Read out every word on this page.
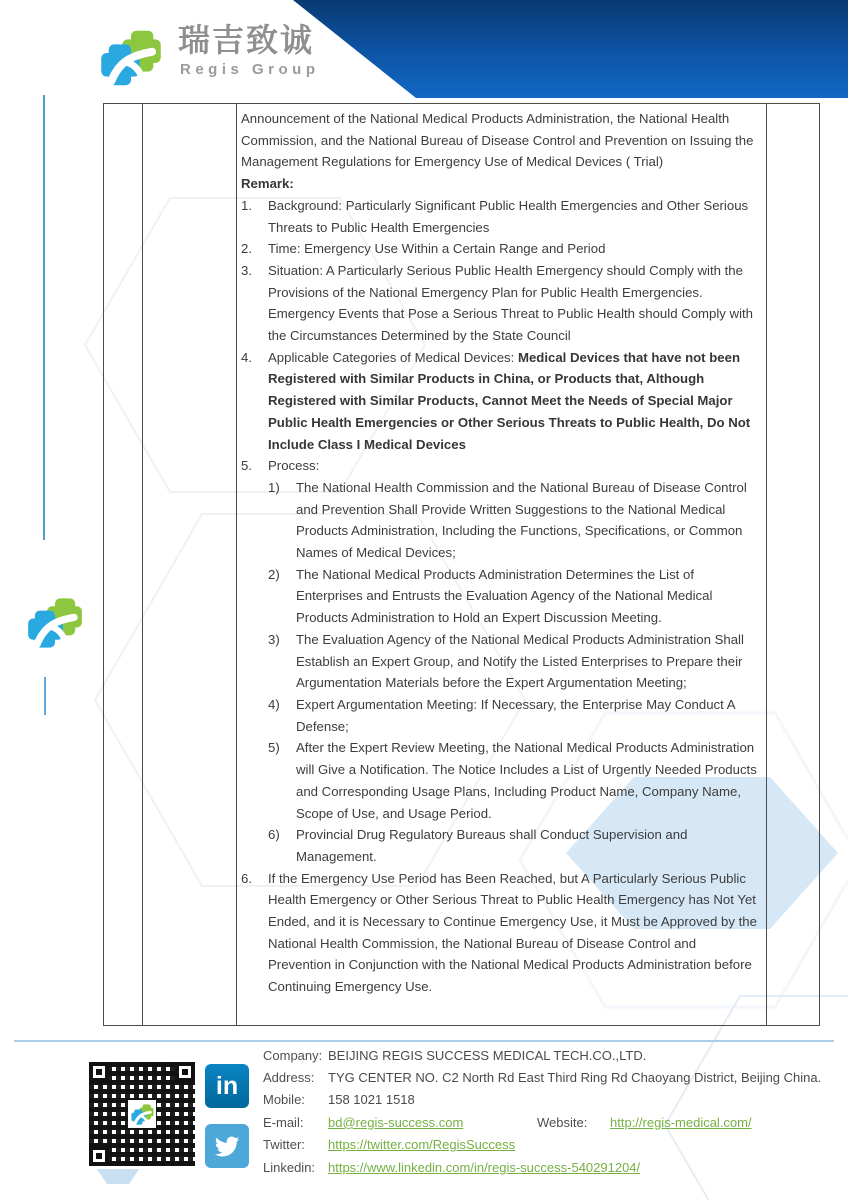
瑞吉致诚
Regis Group

Announcement of the National Medical Products Administration, the National Health Commission, and the National Bureau of Disease Control and Prevention on Issuing the Management Regulations for Emergency Use of Medical Devices ( Trial)

Remark:

1.	Background: Particularly Significant Public Health Emergencies and Other Serious Threats to Public Health Emergencies
2.	Time: Emergency Use Within a Certain Range and Period
3.	Situation: A Particularly Serious Public Health Emergency should Comply with the Provisions of the National Emergency Plan for Public Health Emergencies. Emergency Events that Pose a Serious Threat to Public Health should Comply with the Circumstances Determined by the State Council
4.	Applicable Categories of Medical Devices: Medical Devices that have not been Registered with Similar Products in China, or Products that, Although Registered with Similar Products, Cannot Meet the Needs of Special Major Public Health Emergencies or Other Serious Threats to Public Health, Do Not Include Class I Medical Devices
5.	Process:
1)	The National Health Commission and the National Bureau of Disease Control and Prevention Shall Provide Written Suggestions to the National Medical Products Administration, Including the Functions, Specifications, or Common Names of Medical Devices;
2)	The National Medical Products Administration Determines the List of Enterprises and Entrusts the Evaluation Agency of the National Medical Products Administration to Hold an Expert Discussion Meeting.
3)	The Evaluation Agency of the National Medical Products Administration Shall Establish an Expert Group, and Notify the Listed Enterprises to Prepare their Argumentation Materials before the Expert Argumentation Meeting;
4)	Expert Argumentation Meeting: If Necessary, the Enterprise May Conduct A Defense;
5)	After the Expert Review Meeting, the National Medical Products Administration will Give a Notification. The Notice Includes a List of Urgently Needed Products and Corresponding Usage Plans, Including Product Name, Company Name, Scope of Use, and Usage Period.
6)	Provincial Drug Regulatory Bureaus shall Conduct Supervision and Management.
6.	If the Emergency Use Period has Been Reached, but A Particularly Serious Public Health Emergency or Other Serious Threat to Public Health Emergency has Not Yet Ended, and it is Necessary to Continue Emergency Use, it Must be Approved by the National Health Commission, the National Bureau of Disease Control and Prevention in Conjunction with the National Medical Products Administration before Continuing Emergency Use.
in
Company: BEIJING REGIS SUCCESS MEDICAL TECH.CO.,LTD.
Address:	TYG CENTER NO. C2 North Rd East Third Ring Rd Chaoyang District, Beijing China.
Mobile:	158 1021 1518
E-mail:	bd@regis-success.com	Website:	http://regis-medical.com/
Twitter:	https://twitter.com/RegisSuccess
Linkedin: https://www.linkedin.com/in/regis-success-540291204/
